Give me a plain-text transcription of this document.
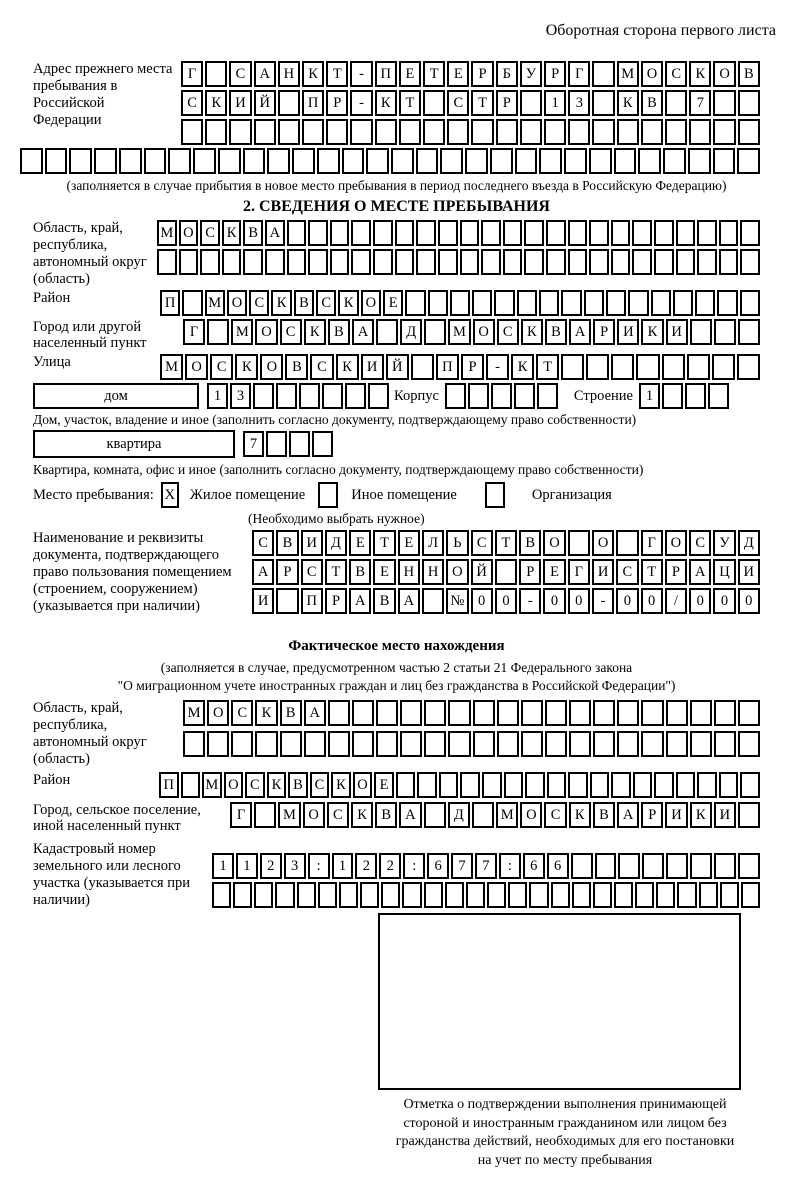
Оборотная сторона первого листа
Адрес прежнего места пребывания в Российской Федерации
Г	С А Н К	Т	-	П	Е	Т	Е	Р	Б	У	Р	Г	М О С	К О В
С	К И Й	П	Р	-	К	Т	С	Т	Р	1	3	К	В	7
(заполняется в случае прибытия в новое место пребывания в период последнего въезда в Российскую Федерацию)
2. СВЕДЕНИЯ О МЕСТЕ ПРЕБЫВАНИЯ
Область, край, республика, автономный округ (область)
М О С К В А
Район	П	М О С К В С К О Е
Город или другой населенный пункт
Г	М О С К В А	Д	М О С К В А	Р	И К И
Улица	М О	С	К	О	В	С	К	И	Й	П	Р	-	К	Т
дом	1	3	Корпус	Строение 1
Дом, участок, владение и иное (заполнить согласно документу, подтверждающему право собственности)
квартира	7
Квартира, комната, офис и иное (заполнить согласно документу, подтверждающему право собственности)
Место пребывания: X Жилое помещение	Иное помещение	Организация
(Необходимо выбрать нужное)
Наименование и реквизиты документа, подтверждающего право пользования помещением (строением, сооружением) (указывается при наличии)
С	В И Д	Е	Т	Е	Л	Ь	С	Т	В О	О	Г	О С У Д
А	Р	С	Т	В	Е	Н Н О Й	Р	Е	Г	И С	Т	Р	А Ц И
И	П	Р	А В А	№ 0	0	-	0	0	-	0	0	/	0	0	0
Фактическое место нахождения
(заполняется в случае, предусмотренном частью 2 статьи 21 Федерального закона
"О миграционном учете иностранных граждан и лиц без гражданства в Российской Федерации")
Область, край, республика, автономный округ (область)
М О С К В А
Район	П	М О С К В С К О Е
Город, сельское поселение, иной населенный пункт
Г	М О С	К	В А	Д	М О С	К	В А	Р	И К И
Кадастровый номер земельного или лесного участка (указывается при наличии)
1	1	2	3	:	1	2	2	:	6	7	7	:	6	6
Отметка о подтверждении выполнения принимающей
стороной и иностранным гражданином или лицом без
гражданства действий, необходимых для его постановки
на учет по месту пребывания
